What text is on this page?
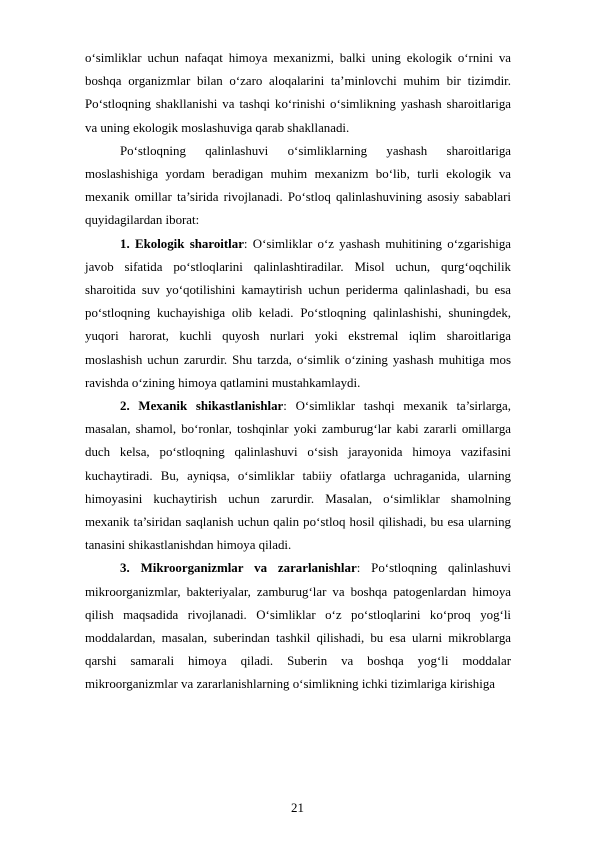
o‘simliklar uchun nafaqat himoya mexanizmi, balki uning ekologik o‘rnini va boshqa organizmlar bilan o‘zaro aloqalarini ta’minlovchi muhim bir tizimdir. Po‘stloqning shakllanishi va tashqi ko‘rinishi o‘simlikning yashash sharoitlariga va uning ekologik moslashuviga qarab shakllanadi.

Po‘stloqning qalinlashuvi o‘simliklarning yashash sharoitlariga moslashishiga yordam beradigan muhim mexanizm bo‘lib, turli ekologik va mexanik omillar ta’sirida rivojlanadi. Po‘stloq qalinlashuvining asosiy sabablari quyidagilardan iborat:

1. Ekologik sharoitlar: O‘simliklar o‘z yashash muhitining o‘zgarishiga javob sifatida po‘stloqlarini qalinlashtiradilar. Misol uchun, qurg‘oqchilik sharoitida suv yo‘qotilishini kamaytirish uchun periderma qalinlashadi, bu esa po‘stloqning kuchayishiga olib keladi. Po‘stloqning qalinlashishi, shuningdek, yuqori harorat, kuchli quyosh nurlari yoki ekstremal iqlim sharoitlariga moslashish uchun zarurdir. Shu tarzda, o‘simlik o‘zining yashash muhitiga mos ravishda o‘zining himoya qatlamini mustahkamlaydi.

2. Mexanik shikastlanishlar: O‘simliklar tashqi mexanik ta’sirlarga, masalan, shamol, bo‘ronlar, toshqinlar yoki zamburug‘lar kabi zararli omillarga duch kelsa, po‘stloqning qalinlashuvi o‘sish jarayonida himoya vazifasini kuchaytiradi. Bu, ayniqsa, o‘simliklar tabiiy ofatlarga uchraganida, ularning himoyasini kuchaytirish uchun zarurdir. Masalan, o‘simliklar shamolning mexanik ta’siridan saqlanish uchun qalin po‘stloq hosil qilishadi, bu esa ularning tanasini shikastlanishdan himoya qiladi.

3. Mikroorganizmlar va zararlanishlar: Po‘stloqning qalinlashuvi mikroorganizmlar, bakteriyalar, zamburug‘lar va boshqa patogenlardan himoya qilish maqsadida rivojlanadi. O‘simliklar o‘z po‘stloqlarini ko‘proq yog‘li moddalardan, masalan, suberindan tashkil qilishadi, bu esa ularni mikroblarga qarshi samarali himoya qiladi. Suberin va boshqa yog‘li moddalar mikroorganizmlar va zararlanishlarning o‘simlikning ichki tizimlariga kirishiga

21
